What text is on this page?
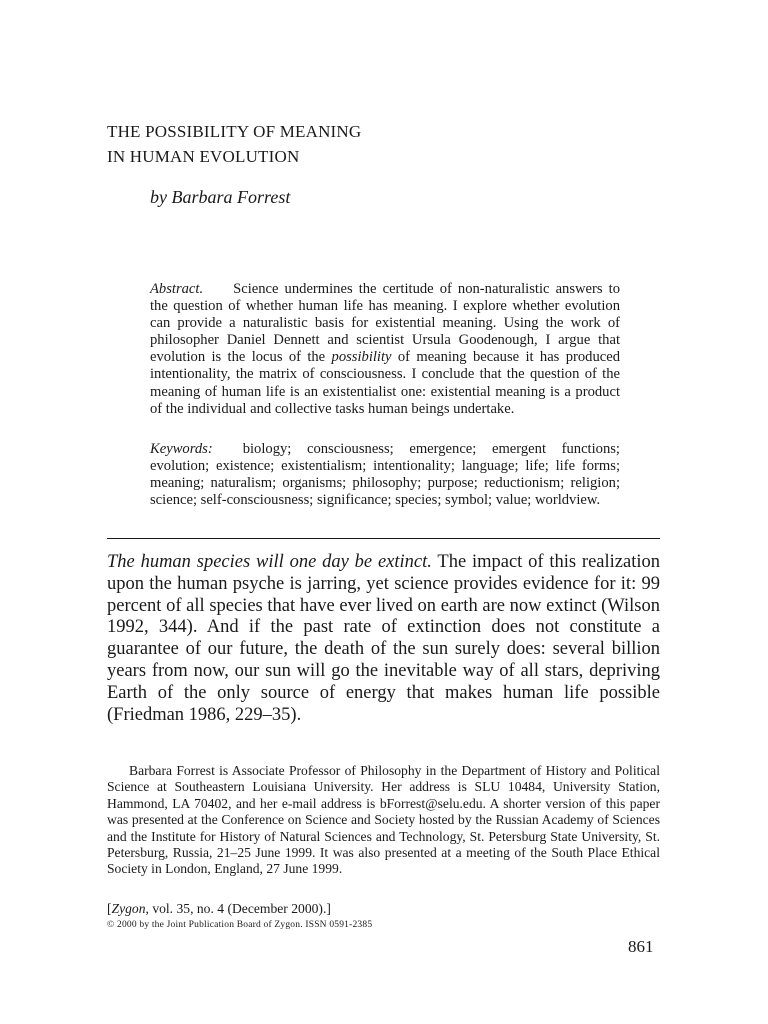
THE POSSIBILITY OF MEANING
IN HUMAN EVOLUTION
by Barbara Forrest

Abstract. Science undermines the certitude of non-naturalistic answers to the question of whether human life has meaning. I explore whether evolution can provide a naturalistic basis for existential meaning. Using the work of philosopher Daniel Dennett and scientist Ursula Goodenough, I argue that evolution is the locus of the possibility of meaning because it has produced intentionality, the matrix of consciousness. I conclude that the question of the meaning of human life is an existentialist one: existential meaning is a product of the individual and collective tasks human beings undertake.

Keywords: biology; consciousness; emergence; emergent functions; evolution; existence; existentialism; intentionality; language; life; life forms; meaning; naturalism; organisms; philosophy; purpose; reductionism; religion; science; self-consciousness; significance; species; symbol; value; worldview.

The human species will one day be extinct. The impact of this realization upon the human psyche is jarring, yet science provides evidence for it: 99 percent of all species that have ever lived on earth are now extinct (Wilson 1992, 344). And if the past rate of extinction does not constitute a guarantee of our future, the death of the sun surely does: several billion years from now, our sun will go the inevitable way of all stars, depriving Earth of the only source of energy that makes human life possible (Friedman 1986, 229–35).

Barbara Forrest is Associate Professor of Philosophy in the Department of History and Political Science at Southeastern Louisiana University. Her address is SLU 10484, University Station, Hammond, LA 70402, and her e-mail address is bForrest@selu.edu. A shorter version of this paper was presented at the Conference on Science and Society hosted by the Russian Academy of Sciences and the Institute for History of Natural Sciences and Technology, St. Petersburg State University, St. Petersburg, Russia, 21–25 June 1999. It was also presented at a meeting of the South Place Ethical Society in London, England, 27 June 1999.

[Zygon, vol. 35, no. 4 (December 2000).]
© 2000 by the Joint Publication Board of Zygon. ISSN 0591-2385
861
